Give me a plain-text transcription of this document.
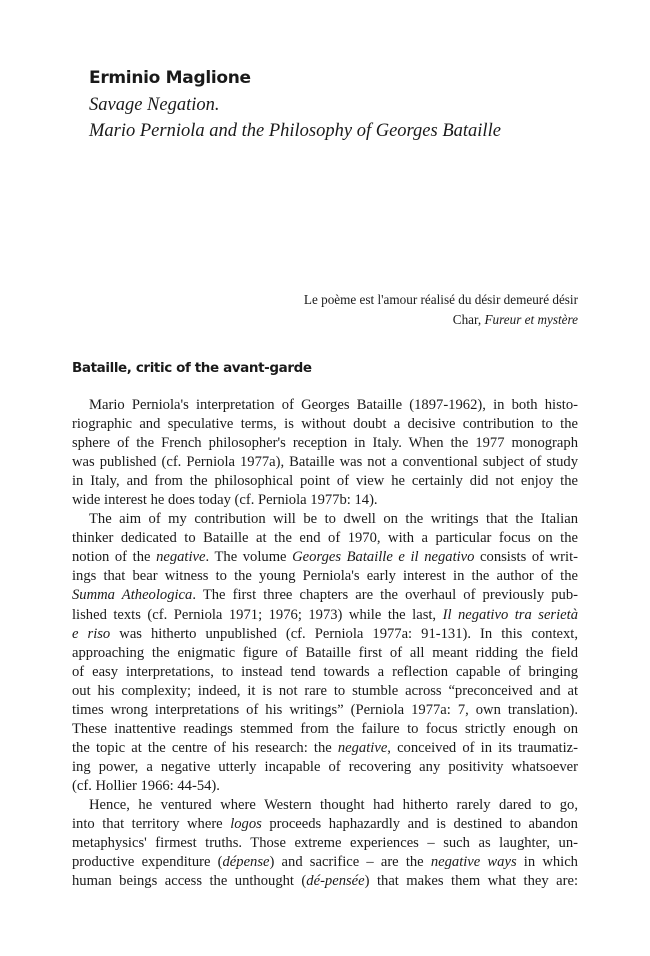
Erminio Maglione
Savage Negation.
Mario Perniola and the Philosophy of Georges Bataille
Le poème est l'amour réalisé du désir demeuré désir
Char, Fureur et mystère
Bataille, critic of the avant-garde
Mario Perniola's interpretation of Georges Bataille (1897-1962), in both histo-
riographic and speculative terms, is without doubt a decisive contribution to the
sphere of the French philosopher's reception in Italy. When the 1977 monograph
was published (cf. Perniola 1977a), Bataille was not a conventional subject of study
in Italy, and from the philosophical point of view he certainly did not enjoy the
wide interest he does today (cf. Perniola 1977b: 14).
The aim of my contribution will be to dwell on the writings that the Italian
thinker dedicated to Bataille at the end of 1970, with a particular focus on the
notion of the negative. The volume Georges Bataille e il negativo consists of writ-
ings that bear witness to the young Perniola's early interest in the author of the
Summa Atheologica. The first three chapters are the overhaul of previously pub-
lished texts (cf. Perniola 1971; 1976; 1973) while the last, Il negativo tra serietà
e riso was hitherto unpublished (cf. Perniola 1977a: 91-131). In this context,
approaching the enigmatic figure of Bataille first of all meant ridding the field
of easy interpretations, to instead tend towards a reflection capable of bringing
out his complexity; indeed, it is not rare to stumble across “preconceived and at
times wrong interpretations of his writings” (Perniola 1977a: 7, own translation).
These inattentive readings stemmed from the failure to focus strictly enough on
the topic at the centre of his research: the negative, conceived of in its traumatiz-
ing power, a negative utterly incapable of recovering any positivity whatsoever
(cf. Hollier 1966: 44-54).
Hence, he ventured where Western thought had hitherto rarely dared to go,
into that territory where logos proceeds haphazardly and is destined to abandon
metaphysics' firmest truths. Those extreme experiences – such as laughter, un-
productive expenditure (dépense) and sacrifice – are the negative ways in which
human beings access the unthought (dé-pensée) that makes them what they are:
